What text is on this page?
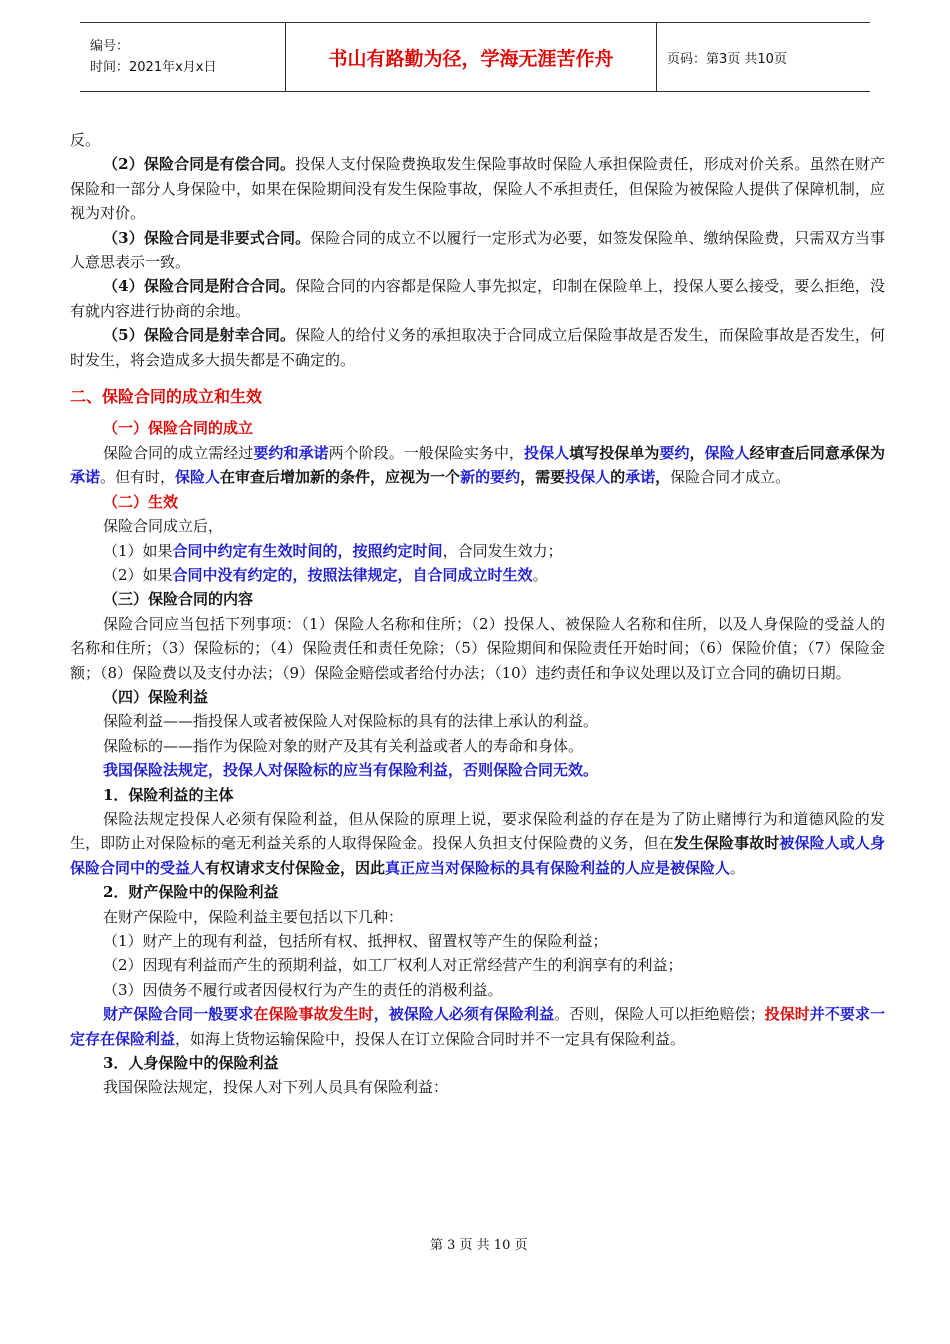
编号：
时间：2021年x月x日	书山有路勤为径，学海无涯苦作舟	页码：第3页 共10页

反。

（2）保险合同是有偿合同。投保人支付保险费换取发生保险事故时保险人承担保险责任，形成对价关系。虽然在财产保险和一部分人身保险中，如果在保险期间没有发生保险事故，保险人不承担责任，但保险为被保险人提供了保障机制，应视为对价。

（3）保险合同是非要式合同。保险合同的成立不以履行一定形式为必要，如签发保险单、缴纳保险费，只需双方当事人意思表示一致。

（4）保险合同是附合合同。保险合同的内容都是保险人事先拟定，印制在保险单上，投保人要么接受，要么拒绝，没有就内容进行协商的余地。

（5）保险合同是射幸合同。保险人的给付义务的承担取决于合同成立后保险事故是否发生，而保险事故是否发生，何时发生，将会造成多大损失都是不确定的。

二、保险合同的成立和生效

（一）保险合同的成立

保险合同的成立需经过要约和承诺两个阶段。一般保险实务中，投保人填写投保单为要约，保险人经审查后同意承保为承诺。但有时，保险人在审查后增加新的条件，应视为一个新的要约，需要投保人的承诺，保险合同才成立。

（二）生效

保险合同成立后，

（1）如果合同中约定有生效时间的，按照约定时间，合同发生效力；

（2）如果合同中没有约定的，按照法律规定，自合同成立时生效。

（三）保险合同的内容

保险合同应当包括下列事项：（1）保险人名称和住所；（2）投保人、被保险人名称和住所，以及人身保险的受益人的名称和住所；（3）保险标的；（4）保险责任和责任免除；（5）保险期间和保险责任开始时间；（6）保险价值；（7）保险金额；（8）保险费以及支付办法；（9）保险金赔偿或者给付办法；（10）违约责任和争议处理以及订立合同的确切日期。

（四）保险利益

保险利益——指投保人或者被保险人对保险标的具有的法律上承认的利益。

保险标的——指作为保险对象的财产及其有关利益或者人的寿命和身体。

我国保险法规定，投保人对保险标的应当有保险利益，否则保险合同无效。

1．保险利益的主体

保险法规定投保人必须有保险利益，但从保险的原理上说，要求保险利益的存在是为了防止赌博行为和道德风险的发生，即防止对保险标的毫无利益关系的人取得保险金。投保人负担支付保险费的义务，但在发生保险事故时被保险人或人身保险合同中的受益人有权请求支付保险金，因此真正应当对保险标的具有保险利益的人应是被保险人。

2．财产保险中的保险利益

在财产保险中，保险利益主要包括以下几种：

（1）财产上的现有利益，包括所有权、抵押权、留置权等产生的保险利益；

（2）因现有利益而产生的预期利益，如工厂权利人对正常经营产生的利润享有的利益；

（3）因债务不履行或者因侵权行为产生的责任的消极利益。

财产保险合同一般要求在保险事故发生时，被保险人必须有保险利益。否则，保险人可以拒绝赔偿；投保时并不要求一定存在保险利益，如海上货物运输保险中，投保人在订立保险合同时并不一定具有保险利益。

3．人身保险中的保险利益

我国保险法规定，投保人对下列人员具有保险利益：

第 3 页 共 10 页
